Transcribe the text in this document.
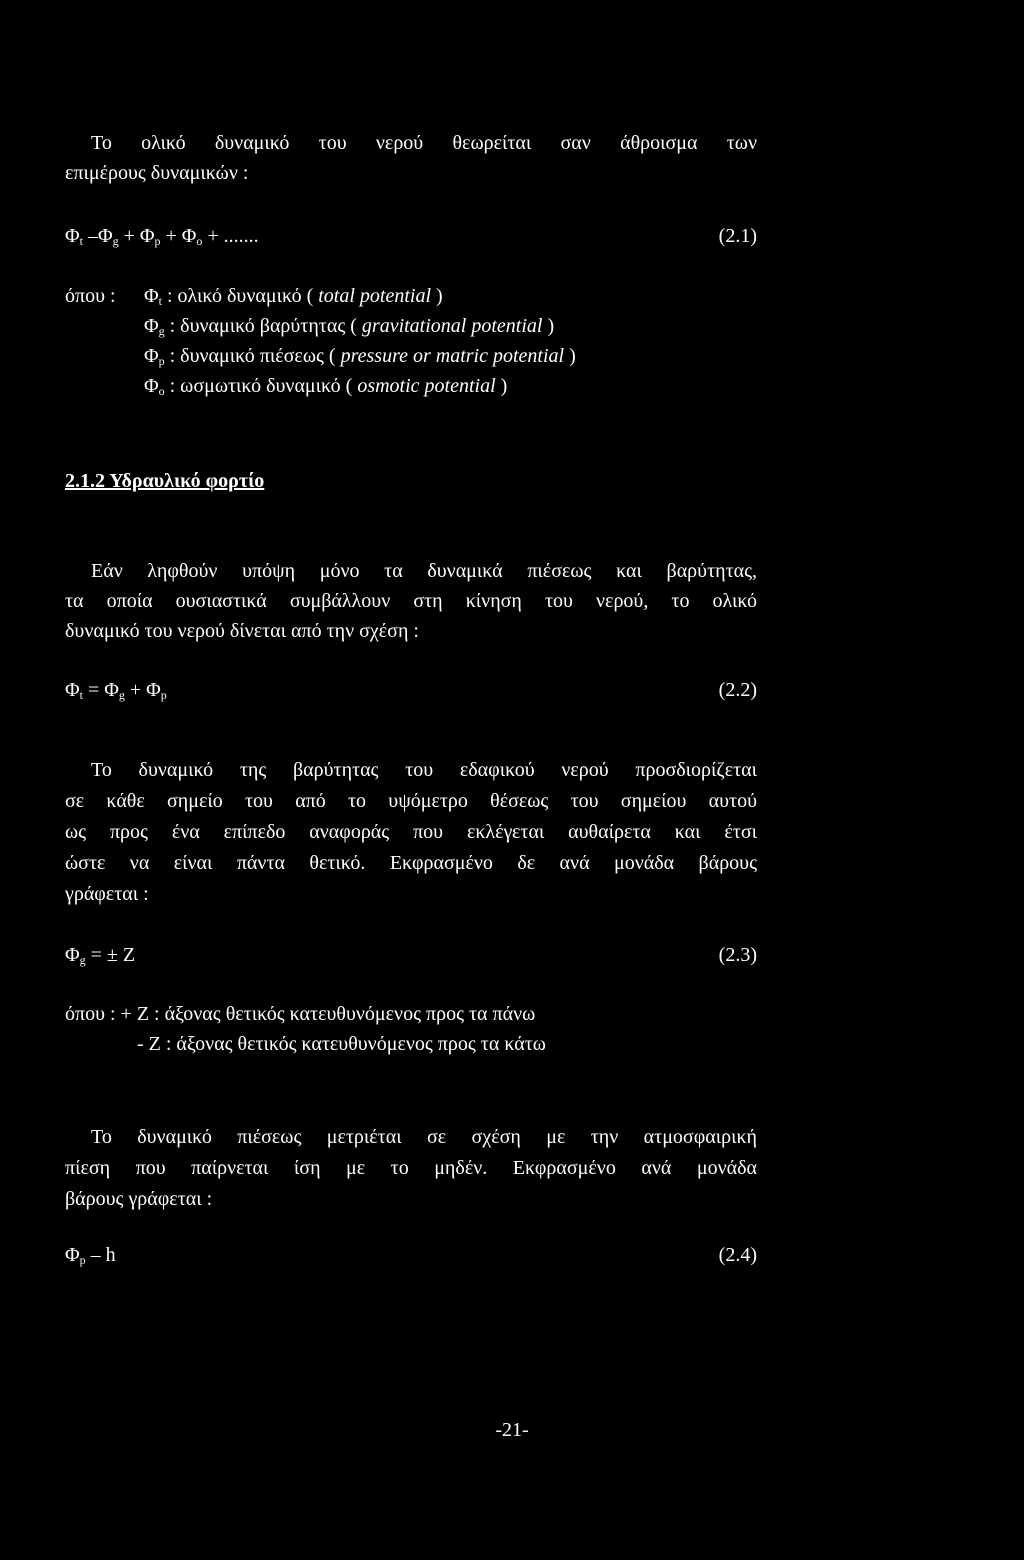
Το ολικό δυναμικό του νερού θεωρείται σαν άθροισμα των
επιμέρους δυναμικών :
$\Phi_t$ $-\Phi_g + \Phi_p + \Phi_o$ + .......	(2.1)
όπου : $\Phi_t$ : ολικό δυναμικό ( total potential )
$\Phi_g$ : δυναμικό βαρύτητας ( gravitational potential )
$\Phi_p$ : δυναμικό πιέσεως ( pressure or matric potential )
$\Phi_o$ : ωσμωτικό δυναμικό ( osmotic potential )
2.1.2 Υδραυλικό φορτίο
Εάν ληφθούν υπόψη μόνο τα δυναμικά πιέσεως και βαρύτητας,
τα οποία ουσιαστικά συμβάλλουν στη κίνηση του νερού, το ολικό
δυναμικό του νερού δίνεται από την σχέση :
$\Phi_t = \Phi_g + \Phi_p$	(2.2)
Το δυναμικό της βαρύτητας του εδαφικού νερού προσδιορίζεται
σε κάθε σημείο του από το υψόμετρο θέσεως του σημείου αυτού
ως προς ένα επίπεδο αναφοράς που εκλέγεται αυθαίρετα και έτσι
ώστε να είναι πάντα θετικό. Εκφρασμένο δε ανά μονάδα βάρους
γράφεται :
$\Phi_g$ = ± Z	(2.3)
όπου : + Z : άξονας θετικός κατευθυνόμενος προς τα πάνω
- Z : άξονας θετικός κατευθυνόμενος προς τα κάτω
Το δυναμικό πιέσεως μετριέται σε σχέση με την ατμοσφαιρική
πίεση που παίρνεται ίση με το μηδέν. Εκφρασμένο ανά μονάδα
βάρους γράφεται :
$\Phi_p$ – h	(2.4)
-21-
